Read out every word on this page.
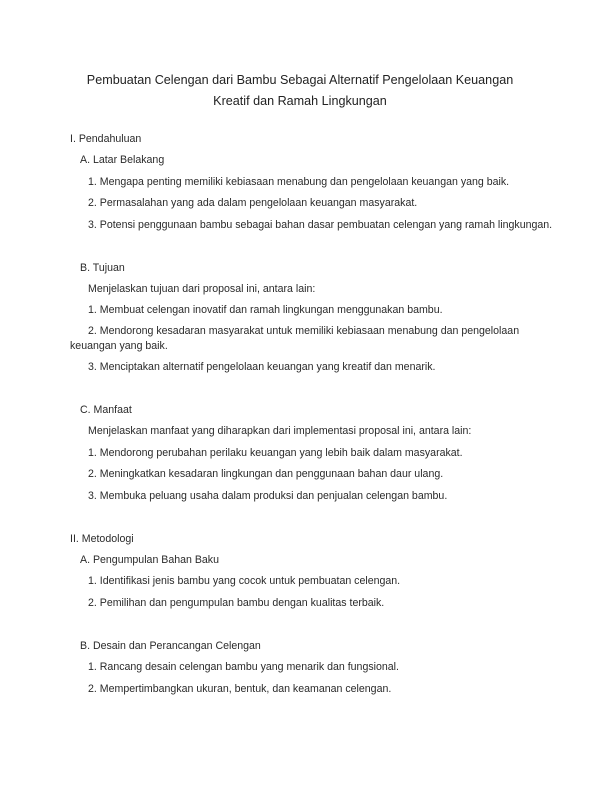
Pembuatan Celengan dari Bambu Sebagai Alternatif Pengelolaan Keuangan
Kreatif dan Ramah Lingkungan
I. Pendahuluan
A. Latar Belakang
1. Mengapa penting memiliki kebiasaan menabung dan pengelolaan keuangan yang baik.
2. Permasalahan yang ada dalam pengelolaan keuangan masyarakat.
3. Potensi penggunaan bambu sebagai bahan dasar pembuatan celengan yang ramah lingkungan.
B. Tujuan
Menjelaskan tujuan dari proposal ini, antara lain:
1. Membuat celengan inovatif dan ramah lingkungan menggunakan bambu.
2. Mendorong kesadaran masyarakat untuk memiliki kebiasaan menabung dan pengelolaan keuangan yang baik.
3. Menciptakan alternatif pengelolaan keuangan yang kreatif dan menarik.
C. Manfaat
Menjelaskan manfaat yang diharapkan dari implementasi proposal ini, antara lain:
1. Mendorong perubahan perilaku keuangan yang lebih baik dalam masyarakat.
2. Meningkatkan kesadaran lingkungan dan penggunaan bahan daur ulang.
3. Membuka peluang usaha dalam produksi dan penjualan celengan bambu.
II. Metodologi
A. Pengumpulan Bahan Baku
1. Identifikasi jenis bambu yang cocok untuk pembuatan celengan.
2. Pemilihan dan pengumpulan bambu dengan kualitas terbaik.
B. Desain dan Perancangan Celengan
1. Rancang desain celengan bambu yang menarik dan fungsional.
2. Mempertimbangkan ukuran, bentuk, dan keamanan celengan.
